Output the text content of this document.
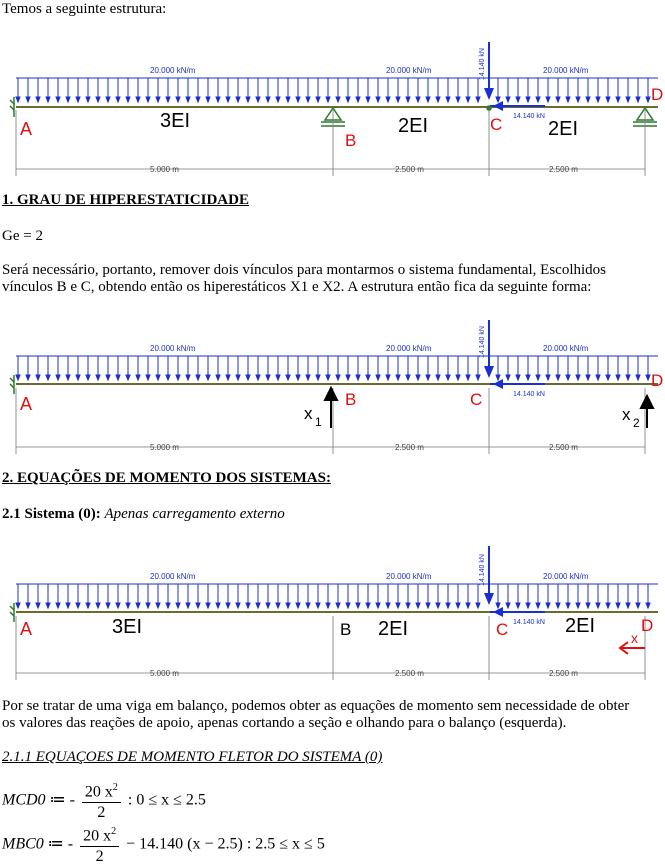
Temos a seguinte estrutura:
20.000 kN/m	20.000 kN/m	20.000 kN/m
14.140 kN
14.140 kN
5.000 m	2.500 m	2.500 m
A
B
C
D
3EI	2EI	2EI
1. GRAU DE HIPERESTATICIDADE
Ge = 2
Será necessário, portanto, remover dois vínculos para montarmos o sistema fundamental, Escolhidos
vínculos B e C, obtendo então os hiperestáticos X1 e X2. A estrutura então fica da seguinte forma:
20.000 kN/m	20.000 kN/m	20.000 kN/m
14.140 kN
14.140 kN
5.000 m	2.500 m	2.500 m
A	B	C
D
x 1	x 2
2. EQUAÇÕES DE MOMENTO DOS SISTEMAS:
2.1 Sistema (0): Apenas carregamento externo
20.000 kN/m	20.000 kN/m	20.000 kN/m
14.140 kN
14.140 kN
5.000 m	2.500 m	2.500 m
A	B	C	D
3EI	2EI	2EI
x
Por se tratar de uma viga em balanço, podemos obter as equações de momento sem necessidade de obter
os valores das reações de apoio, apenas cortando a seção e olhando para o balanço (esquerda).
2.1.1 EQUAÇOES DE MOMENTO FLETOR DO SISTEMA (0)
MCD0 ≔ - $\frac{20 x^2}{2}$ : 0 ≤ x ≤ 2.5
MBC0 ≔ - $\frac{20 x^2}{2} - 14.140$ (x − 2.5) : 2.5 ≤ x ≤ 5
